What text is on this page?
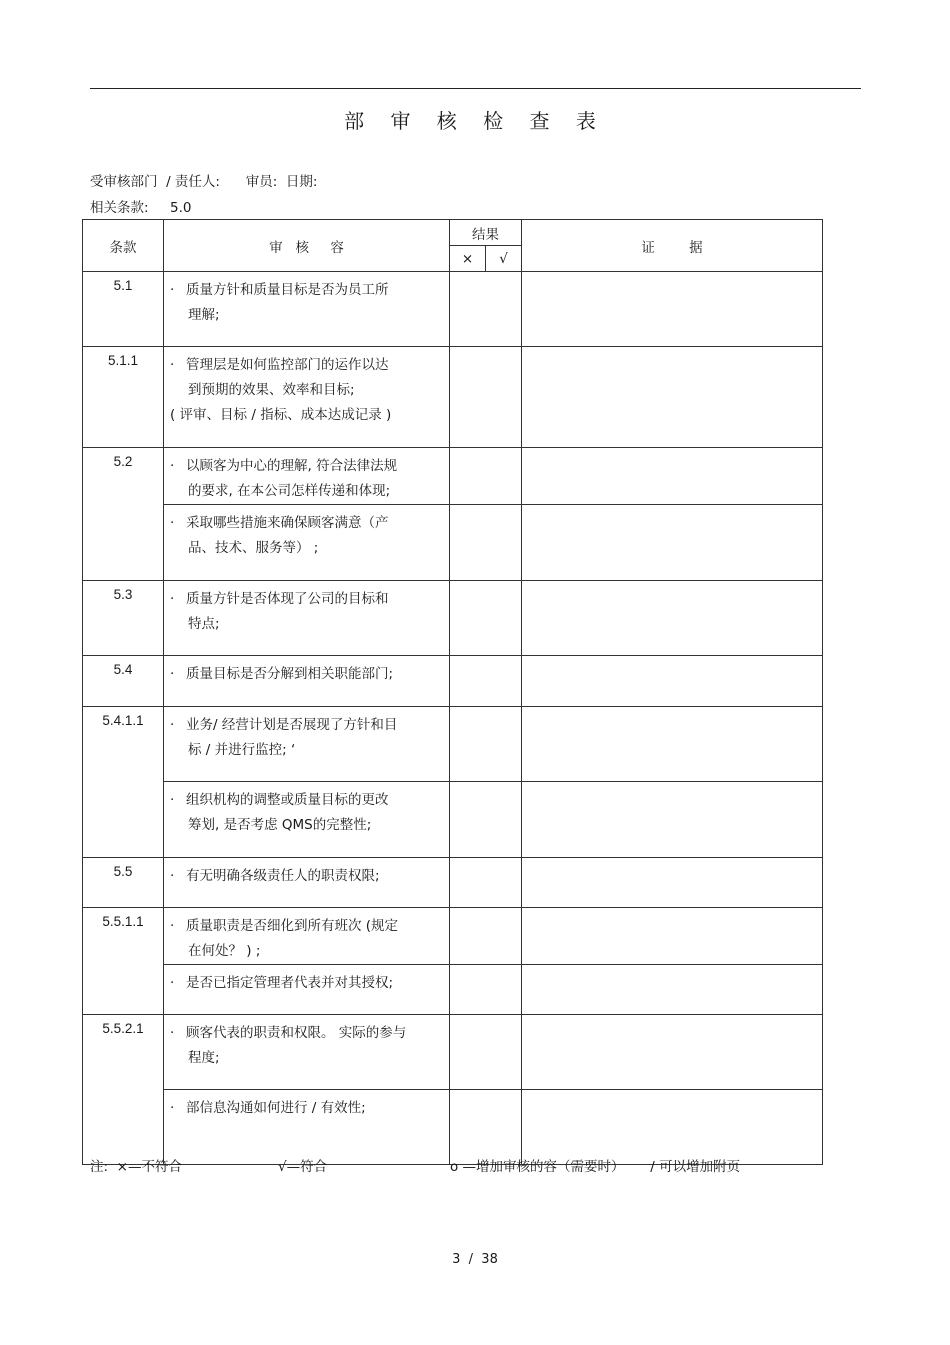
部 审 核 检 查 表
受审核部门  / 责任人:      审员:  日期:
相关条款:     5.0
条款	审   核     容	结果		证        据
		×	√	
5.1	· 质量方针和质量目标是否为员工所
理解;			

5.1.1	· 管理层是如何监控部门的运作以达
到预期的效果、效率和目标;
( 评审、目标 / 指标、成本达成记录 )			

5.2	· 以顾客为中心的理解, 符合法律法规
的要求, 在本公司怎样传递和体现;			

	· 采取哪些措施来确保顾客满意（产
品、技术、服务等） ;			

5.3	· 质量方针是否体现了公司的目标和
特点;			

5.4	· 质量目标是否分解到相关职能部门;			

5.4.1.1	· 业务/ 经营计划是否展现了方针和目
标 / 并进行监控; ‘			

	· 组织机构的调整或质量目标的更改
筹划, 是否考虑 QMS的完整性;			

5.5	· 有无明确各级责任人的职责权限;			

5.5.1.1	· 质量职责是否细化到所有班次 (规定
在何处？ ) ;			

	· 是否已指定管理者代表并对其授权;			

5.5.2.1	· 顾客代表的职责和权限。 实际的参与
程度;			

	· 部信息沟通如何进行 / 有效性;			

注:  ×—不符合	√—符合	o —增加审核的容（需要时）      / 可以增加附页
3  /  38
